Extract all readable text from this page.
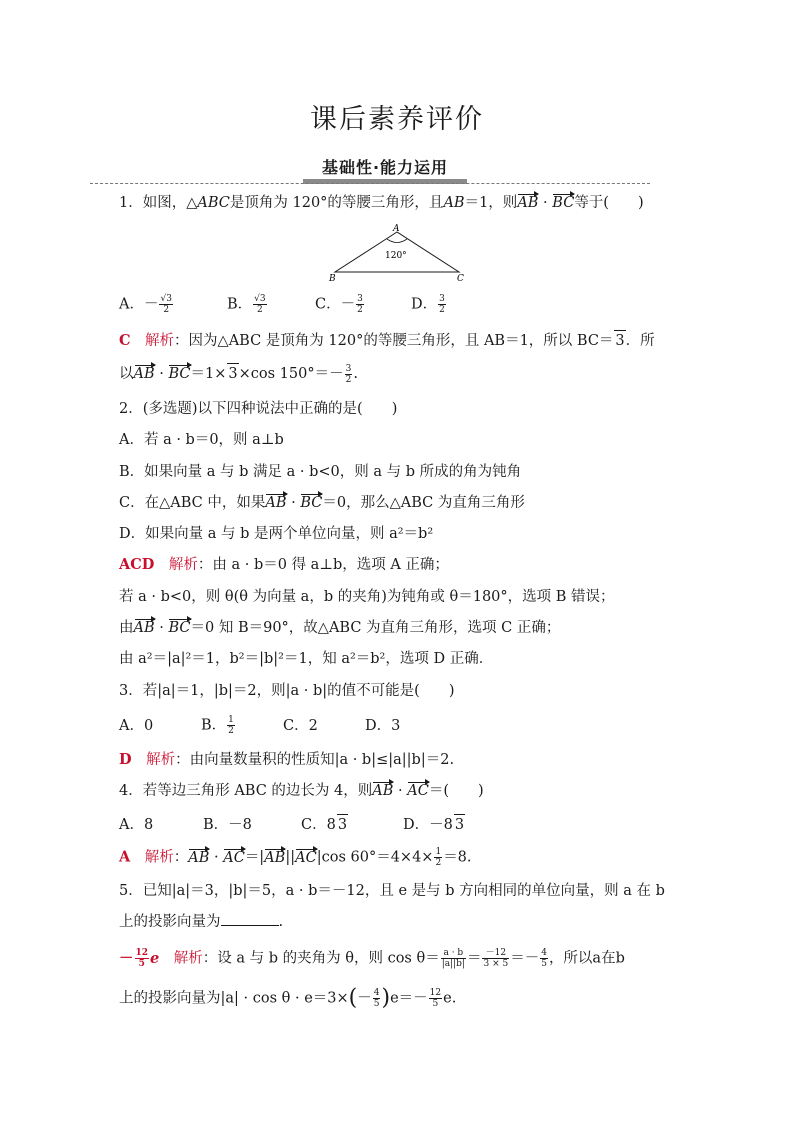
课后素养评价
基础性·能力运用
1．如图，△ABC是顶角为 120°的等腰三角形，且AB＝1，则AB · BC等于(　　)
A
B	C
120°
A．－ $\frac{√3}{2}$	B． $\frac{√3}{2}$	C．－ $\frac{3}{2}$	D． $\frac{3}{2}$
C　 解析：因为△ABC 是顶角为 120°的等腰三角形，且 AB＝1，所以 BC＝ 3．所
以AB · BC＝1× 3×cos $150^\circ=- \frac{3}{2}$ .
2．(多选题)以下四种说法中正确的是(　　)
A．若 a · b＝0，则 a⊥b
B．如果向量 a 与 b 满足 a · b<0，则 a 与 b 所成的角为钝角
C．在△ABC 中，如果AB · BC＝0，那么△ABC 为直角三角形
D．如果向量 a 与 b 是两个单位向量，则 a²＝b²
ACD　 解析：由 a · b＝0 得 a⊥b，选项 A 正确；
若 a · b<0，则 θ(θ 为向量 a，b 的夹角)为钝角或 θ＝180°，选项 B 错误；
由AB · BC＝0 知 B＝90°，故△ABC 为直角三角形，选项 C 正确；
由 a²＝|a|²＝1，b²＝|b|²＝1，知 a²＝b²，选项 D 正确．
3．若|a|＝1，|b|＝2，则|a · b|的值不可能是(　　)
A．0	B． $\frac{1}{2}$	C．2	D．3
D　 解析：由向量数量积的性质知|a · b|≤|a||b|＝2.
4．若等边三角形 ABC 的边长为 4，则AB · AC＝(　　)
A．8	B．－8	C．8 3	D．－8 3
A　 解析：AB · AC＝|AB||AC|cos $60^\circ=4\times 4\times \frac{1}{2} =8$.
5．已知|a|＝3，|b|＝5，a · b＝－12，且 e 是与 b 方向相同的单位向量，则 a 在 b
上的投影向量为	.
－ $\frac{12}{5}$ e　 解析：设 a 与 b 的夹角为 θ，则 $\cos \theta= \frac{a \cdot b}{|a||b|} = \frac{-12}{3 \times 5} =- \frac{4}{5}$ ，所以a在b
上的投影向量为$|a| \cdot \cos \theta \cdot e=3\times(- \frac{4}{5} )e=- \frac{12}{5} e$.
